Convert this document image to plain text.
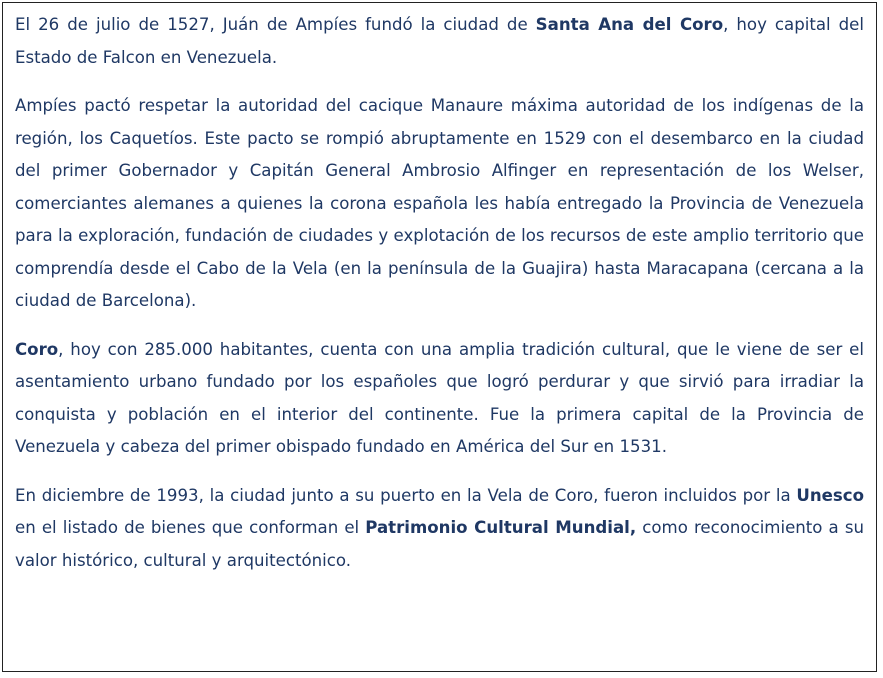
El 26 de julio de 1527, Juán de Ampíes fundó la ciudad de Santa Ana del Coro, hoy capital del Estado de Falcon en Venezuela.

Ampíes pactó respetar la autoridad del cacique Manaure máxima autoridad de los indígenas de la región, los Caquetíos. Este pacto se rompió abruptamente en 1529 con el desembarco en la ciudad del primer Gobernador y Capitán General Ambrosio Alfinger en representación de los Welser, comerciantes alemanes a quienes la corona española les había entregado la Provincia de Venezuela para la exploración, fundación de ciudades y explotación de los recursos de este amplio territorio que comprendía desde el Cabo de la Vela (en la península de la Guajira) hasta Maracapana (cercana a la ciudad de Barcelona).

Coro, hoy con 285.000 habitantes, cuenta con una amplia tradición cultural, que le viene de ser el asentamiento urbano fundado por los españoles que logró perdurar y que sirvió para irradiar la conquista y población en el interior del continente. Fue la primera capital de la Provincia de Venezuela y cabeza del primer obispado fundado en América del Sur en 1531.

En diciembre de 1993, la ciudad junto a su puerto en la Vela de Coro, fueron incluidos por la Unesco en el listado de bienes que conforman el Patrimonio Cultural Mundial, como reconocimiento a su valor histórico, cultural y arquitectónico.
